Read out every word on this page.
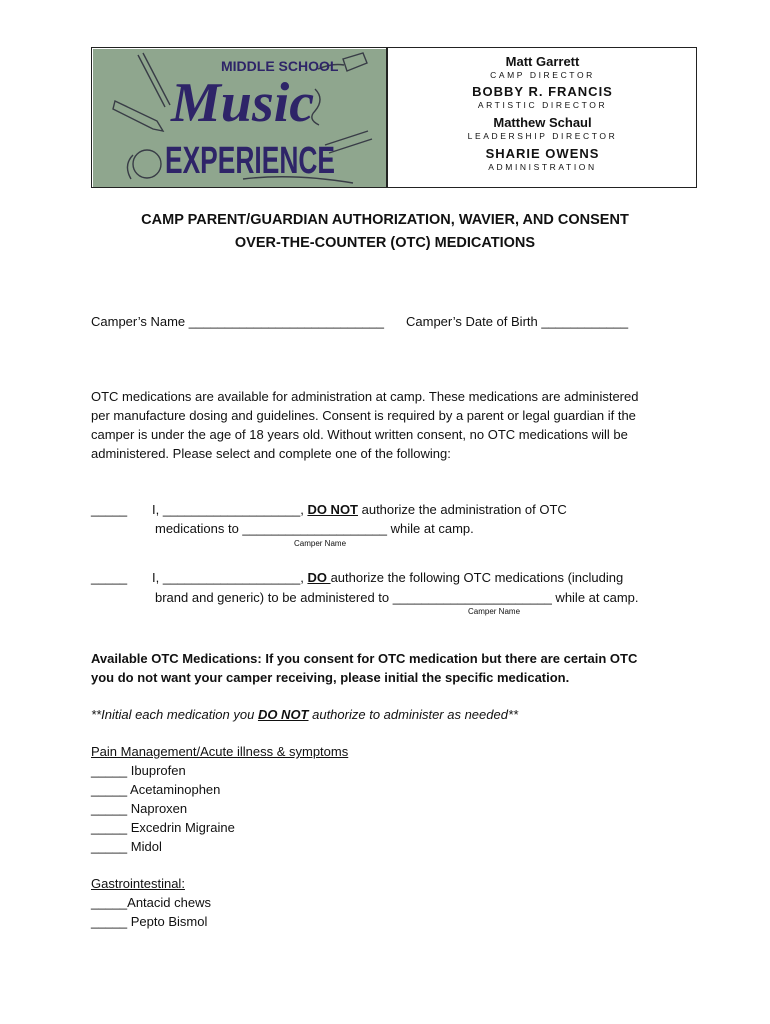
MIDDLE SCHOOL
Music
EXPERIENCE
Matt Garrett
CAMP DIRECTOR
BOBBY R. FRANCIS
ARTISTIC DIRECTOR
Matthew Schaul
LEADERSHIP DIRECTOR
SHARIE OWENS
ADMINISTRATION
CAMP PARENT/GUARDIAN AUTHORIZATION, WAVIER, AND CONSENT
OVER-THE-COUNTER (OTC) MEDICATIONS
Camper’s Name ___________________________ Camper’s Date of Birth ____________
OTC medications are available for administration at camp. These medications are administered
per manufacture dosing and guidelines. Consent is required by a parent or legal guardian if the
camper is under the age of 18 years old. Without written consent, no OTC medications will be
administered. Please select and complete one of the following:
_____ I, ___________________, DO NOT authorize the administration of OTC
medications to ____________________ while at camp.
Camper Name
_____ I, ___________________, DO authorize the following OTC medications (including
brand and generic) to be administered to ______________________ while at camp.
Camper Name
Available OTC Medications: If you consent for OTC medication but there are certain OTC
you do not want your camper receiving, please initial the specific medication.
**Initial each medication you DO NOT authorize to administer as needed**
Pain Management/Acute illness & symptoms
_____ Ibuprofen
_____ Acetaminophen
_____ Naproxen
_____ Excedrin Migraine
_____ Midol
Gastrointestinal:
_____Antacid chews
_____ Pepto Bismol
